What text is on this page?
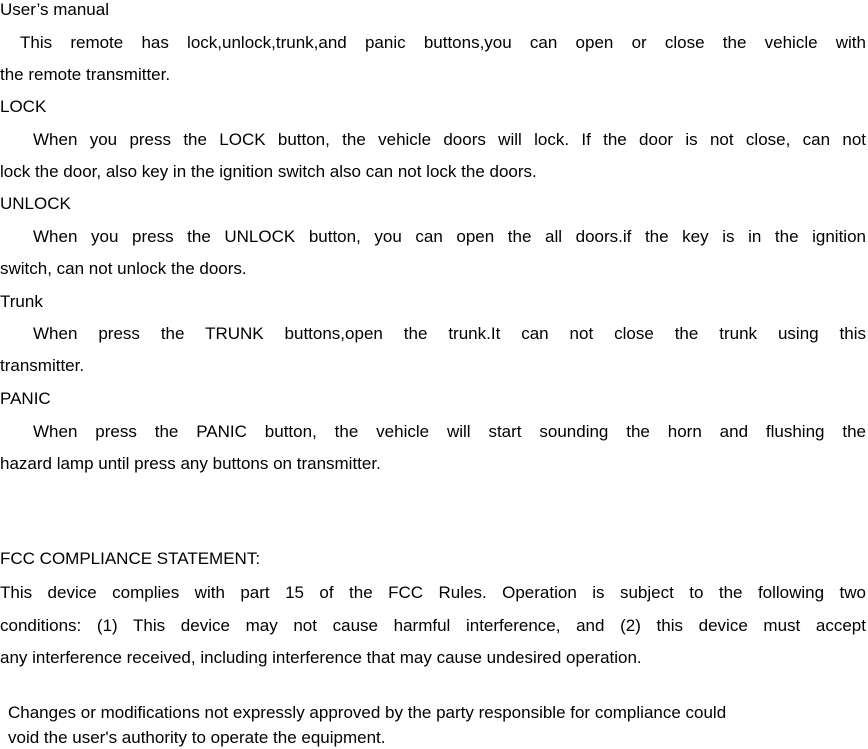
User’s manual
This remote has lock,unlock,trunk,and panic buttons,you can open or close the vehicle with
the remote transmitter.
LOCK
When you press the LOCK button, the vehicle doors will lock. If the door is not close, can not
lock the door, also key in the ignition switch also can not lock the doors.
UNLOCK
When you press the UNLOCK button, you can open the all doors.if the key is in the ignition
switch, can not unlock the doors.
Trunk
When press the TRUNK buttons,open the trunk.It can not close the trunk using this
transmitter.
PANIC
When press the PANIC button, the vehicle will start sounding the horn and flushing the
hazard lamp until press any buttons on transmitter.
FCC COMPLIANCE STATEMENT:
This device complies with part 15 of the FCC Rules. Operation is subject to the following two
conditions: (1) This device may not cause harmful interference, and (2) this device must accept
any interference received, including interference that may cause undesired operation.
Changes or modifications not expressly approved by the party responsible for compliance could
void the user's authority to operate the equipment.
